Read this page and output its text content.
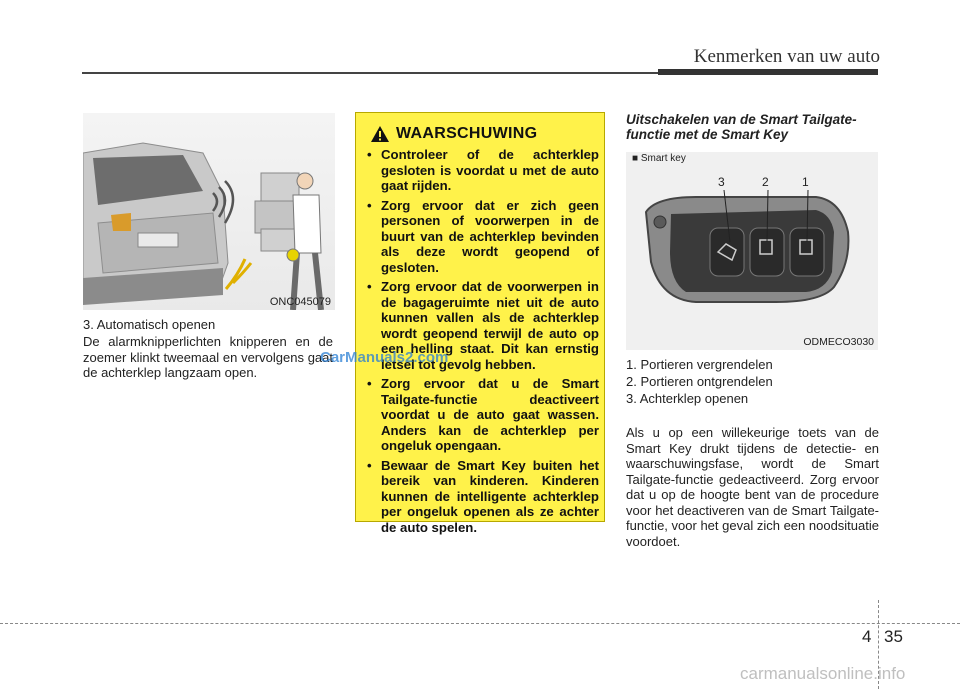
Kenmerken van uw auto
ONC045079
3. Automatisch openen
De alarmknipperlichten knipperen en de zoemer klinkt tweemaal en vervolgens gaat de achterklep langzaam open.
WAARSCHUWING
• Controleer of de achterklep gesloten is voordat u met de auto gaat rijden.
• Zorg ervoor dat er zich geen personen of voorwerpen in de buurt van de achterklep bevinden als deze wordt geopend of gesloten.
• Zorg ervoor dat de voorwerpen in de bagageruimte niet uit de auto kunnen vallen als de achterklep wordt geopend terwijl de auto op een helling staat. Dit kan ernstig letsel tot gevolg hebben.
• Zorg ervoor dat u de Smart Tailgate-functie deactiveert voordat u de auto gaat wassen. Anders kan de achterklep per ongeluk opengaan.
• Bewaar de Smart Key buiten het bereik van kinderen. Kinderen kunnen de intelligente achterklep per ongeluk openen als ze achter de auto spelen.
Uitschakelen van de Smart Tailgate-functie met de Smart Key
■ Smart key
3	2	1
ODMECO3030
1. Portieren vergrendelen
2. Portieren ontgrendelen
3. Achterklep openen
Als u op een willekeurige toets van de Smart Key drukt tijdens de detectie- en waarschuwingsfase, wordt de Smart Tailgate-functie gedeactiveerd. Zorg ervoor dat u op de hoogte bent van de procedure voor het deactiveren van de Smart Tailgate-functie, voor het geval zich een noodsituatie voordoet.
CarManuals2.com
4 35
carmanualsonline.info
